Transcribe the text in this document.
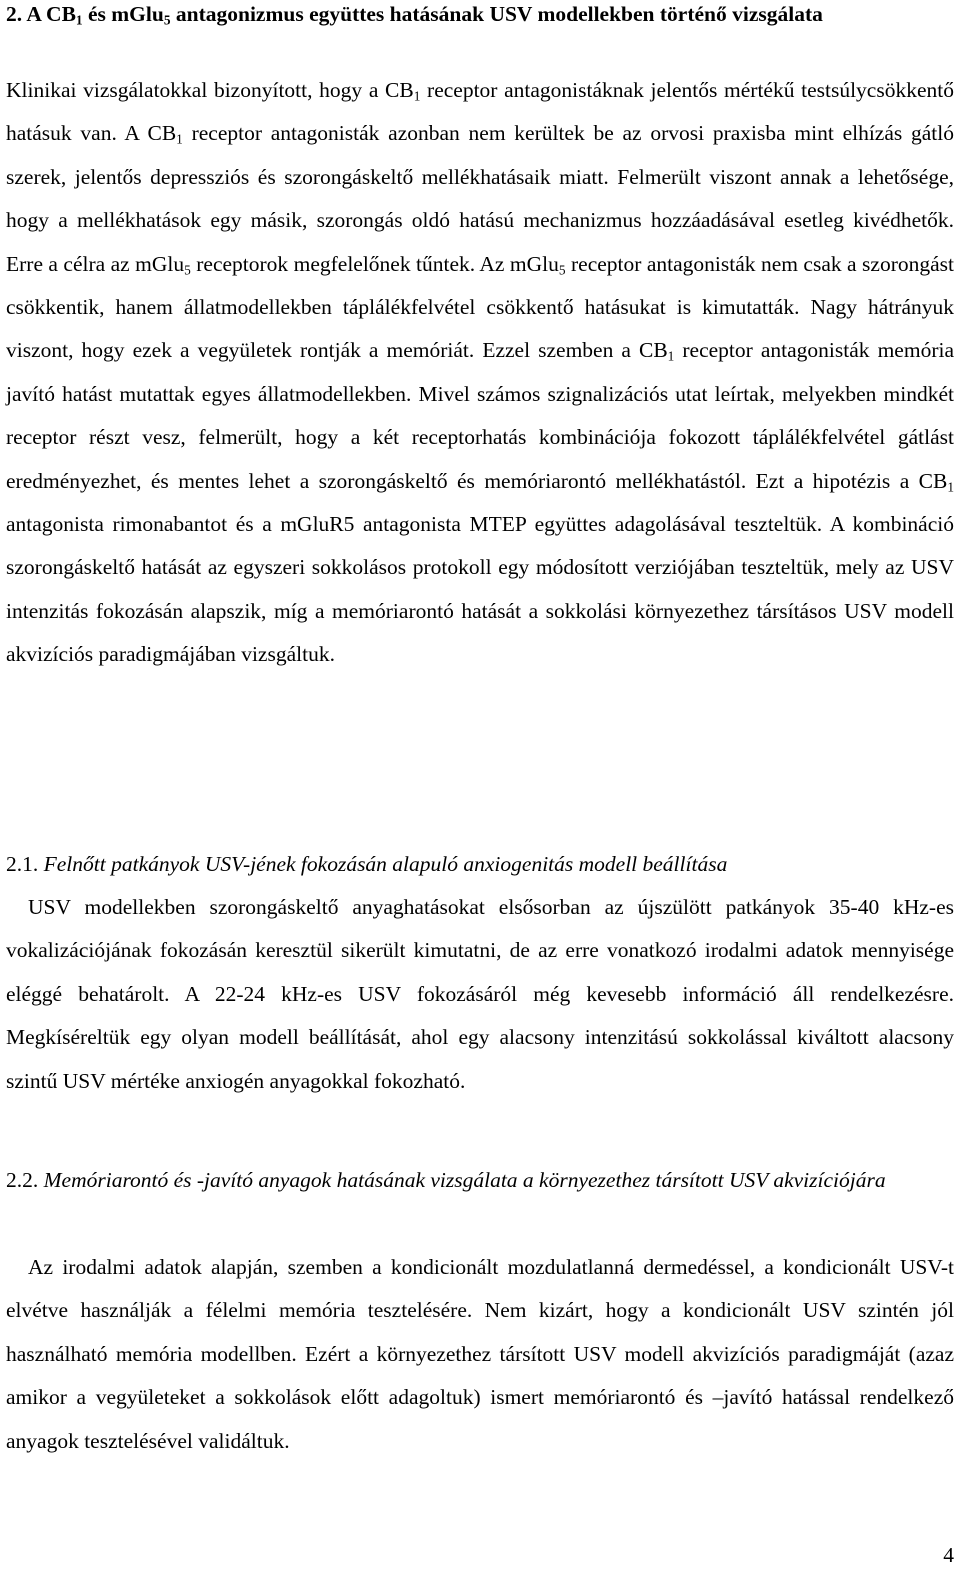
2. A $CB_1$ és mGlu$_5$ antagonizmus együttes hatásának USV modellekben történő vizsgálata

Klinikai vizsgálatokkal bizonyított, hogy a $CB_1$ receptor antagonistáknak jelentős mértékű testsúlycsökkentő hatásuk van. A $CB_1$ receptor antagonisták azonban nem kerültek be az orvosi praxisba mint elhízás gátló szerek, jelentős depressziós és szorongáskeltő mellékhatásaik miatt. Felmerült viszont annak a lehetősége, hogy a mellékhatások egy másik, szorongás oldó hatású mechanizmus hozzáadásával esetleg kivédhetők. Erre a célra az mGlu$_5$ receptorok megfelelőnek tűntek. Az mGlu$_5$ receptor antagonisták nem csak a szorongást csökkentik, hanem állatmodellekben táplálékfelvétel csökkentő hatásukat is kimutatták. Nagy hátrányuk viszont, hogy ezek a vegyületek rontják a memóriát. Ezzel szemben a $CB_1$ receptor antagonisták memória javító hatást mutattak egyes állatmodellekben. Mivel számos szignalizációs utat leírtak, melyekben mindkét receptor részt vesz, felmerült, hogy a két receptorhatás kombinációja fokozott táplálékfelvétel gátlást eredményezhet, és mentes lehet a szorongáskeltő és memóriarontó mellékhatástól. Ezt a hipotézis a $CB_1$ antagonista rimonabantot és a mGluR5 antagonista MTEP együttes adagolásával teszteltük. A kombináció szorongáskeltő hatását az egyszeri sokkolásos protokoll egy módosított verziójában teszteltük, mely az USV intenzitás fokozásán alapszik, míg a memóriarontó hatását a sokkolási környezethez társításos USV modell akvizíciós paradigmájában vizsgáltuk.

2.1. Felnőtt patkányok USV-jének fokozásán alapuló anxiogenitás modell beállítása

USV modellekben szorongáskeltő anyaghatásokat elsősorban az újszülött patkányok 35-40 kHz-es vokalizációjának fokozásán keresztül sikerült kimutatni, de az erre vonatkozó irodalmi adatok mennyisége eléggé behatárolt. A 22-24 kHz-es USV fokozásáról még kevesebb információ áll rendelkezésre. Megkíséreltük egy olyan modell beállítását, ahol egy alacsony intenzitású sokkolással kiváltott alacsony szintű USV mértéke anxiogén anyagokkal fokozható.

2.2. Memóriarontó és -javító anyagok hatásának vizsgálata a környezethez társított USV akvizíciójára

Az irodalmi adatok alapján, szemben a kondicionált mozdulatlanná dermedéssel, a kondicionált USV-t elvétve használják a félelmi memória tesztelésére. Nem kizárt, hogy a kondicionált USV szintén jól használható memória modellben. Ezért a környezethez társított USV modell akvizíciós paradigmáját (azaz amikor a vegyületeket a sokkolások előtt adagoltuk) ismert memóriarontó és –javító hatással rendelkező anyagok tesztelésével validáltuk.

4
